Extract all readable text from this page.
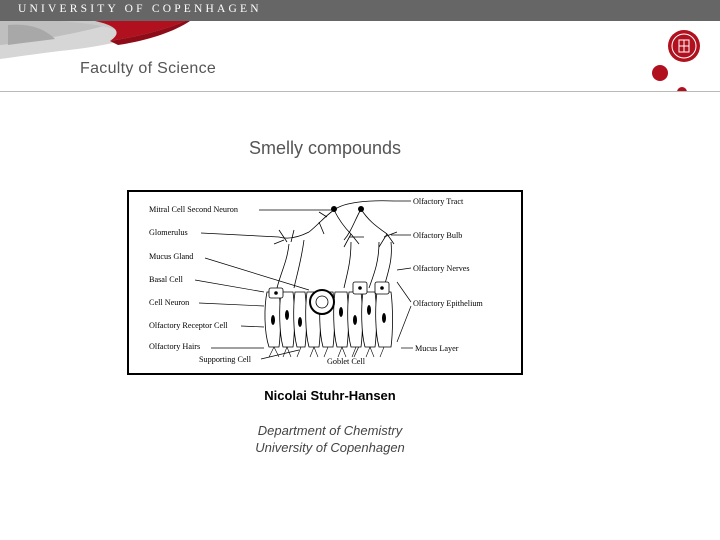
UNIVERSITY OF COPENHAGEN
Faculty of Science
Smelly compounds
Mitral Cell Second Neuron
Glomerulus
Mucus Gland
Basal Cell
Cell Neuron
Olfactory Receptor Cell
Olfactory Hairs
Supporting Cell	Goblet Cell
Olfactory Tract
Olfactory Bulb
Olfactory Nerves
Olfactory Epithelium
Mucus Layer
Nicolai Stuhr-Hansen
Department of Chemistry
University of Copenhagen
